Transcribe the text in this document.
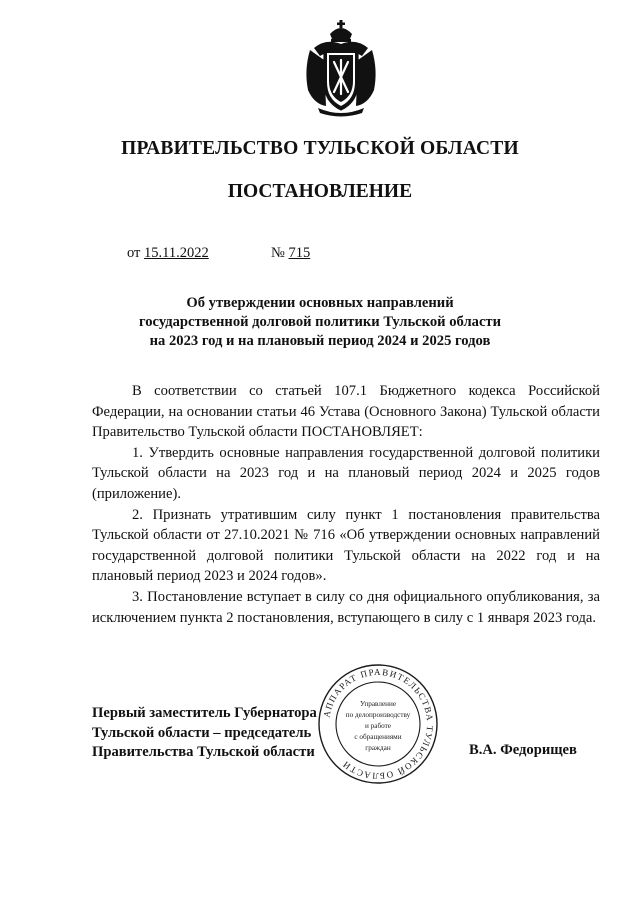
ПРАВИТЕЛЬСТВО ТУЛЬСКОЙ ОБЛАСТИ
ПОСТАНОВЛЕНИЕ
от 15.11.2022	№ 715
Об утверждении основных направлений
государственной долговой политики Тульской области
на 2023 год и на плановый период 2024 и 2025 годов

В соответствии со статьей 107.1 Бюджетного кодекса Российской Федерации, на основании статьи 46 Устава (Основного Закона) Тульской области Правительство Тульской области ПОСТАНОВЛЯЕТ:

1. Утвердить основные направления государственной долговой политики Тульской области на 2023 год и на плановый период 2024 и 2025 годов (приложение).

2. Признать утратившим силу пункт 1 постановления правительства Тульской области от 27.10.2021 № 716 «Об утверждении основных направлений государственной долговой политики Тульской области на 2022 год и на плановый период 2023 и 2024 годов».

3. Постановление вступает в силу со дня официального опубликования, за исключением пункта 2 постановления, вступающего в силу с 1 января 2023 года.

Первый заместитель Губернатора
Тульской области – председатель
Правительства Тульской области
АППАРАТ ПРАВИТЕЛЬСТВА ТУЛЬСКОЙ ОБЛАСТИ
Управление
по делопроизводству
и работе
с обращениями
граждан	В.А. Федорищев
